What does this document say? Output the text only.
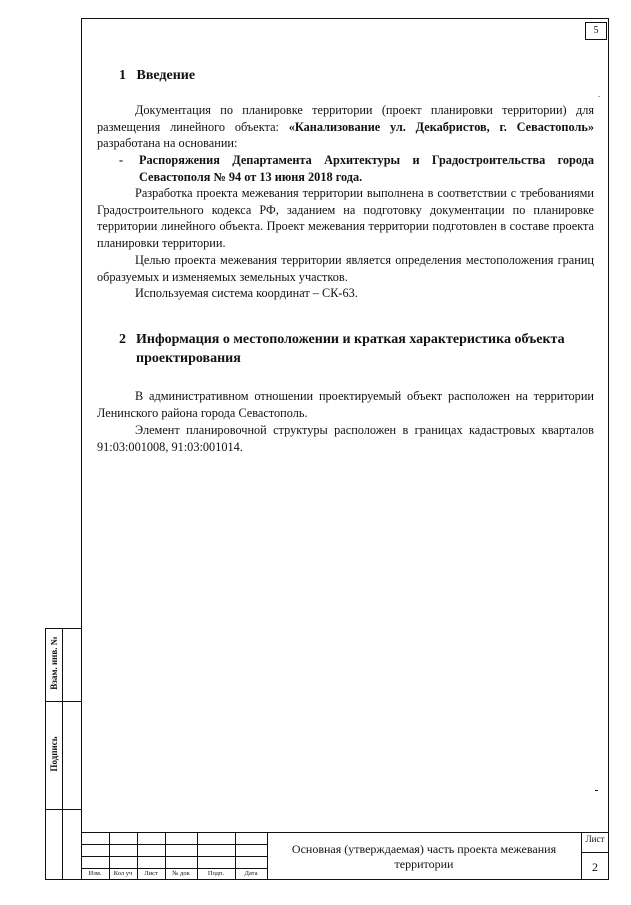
5
.
1 Введение

Документация по планировке территории (проект планировки территории) для размещения линейного объекта: «Канализование ул. Декабристов, г. Севастополь» разработана на основании:

-	Распоряжения Департамента Архитектуры и Градостроительства города Севастополя № 94 от 13 июня 2018 года.

Разработка проекта межевания территории выполнена в соответствии с требованиями Градостроительного кодекса РФ, заданием на подготовку документации по планировке территории линейного объекта. Проект межевания территории подготовлен в составе проекта планировки территории.

Целью проекта межевания территории является определения местоположения границ образуемых и изменяемых земельных участков.

Используемая система координат – СК-63.

2 Информация о местоположении и краткая характеристика объекта
проектирования

В административном отношении проектируемый объект расположен на территории Ленинского района города Севастополь.

Элемент планировочной структуры расположен в границах кадастровых кварталов 91:03:001008, 91:03:001014.

Взам. инв. №
Подпись
Изм.	Кол уч	Лист	№ док	Подп.	Дата
Основная (утверждаемая) часть проекта межевания
территории
Лист
2
